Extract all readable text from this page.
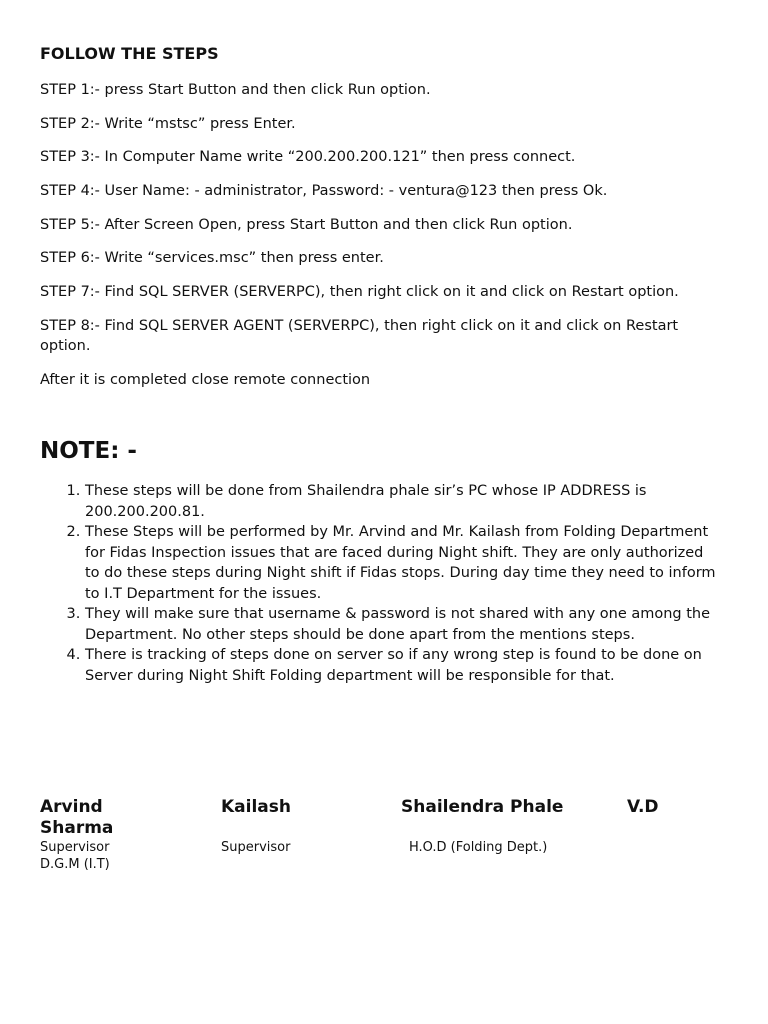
FOLLOW THE STEPS
STEP 1:- press Start Button and then click Run option.
STEP 2:- Write “mstsc” press Enter.
STEP 3:- In Computer Name write “200.200.200.121” then press connect.
STEP 4:- User Name: - administrator, Password: - ventura@123 then press Ok.
STEP 5:- After Screen Open, press Start Button and then click Run option.
STEP 6:- Write “services.msc” then press enter.
STEP 7:- Find SQL SERVER (SERVERPC), then right click on it and click on Restart option.
STEP 8:- Find SQL SERVER AGENT (SERVERPC), then right click on it and click on Restart option.

After it is completed close remote connection

NOTE: -
1. These steps will be done from Shailendra phale sir’s PC whose IP ADDRESS is 200.200.200.81.
2. These Steps will be performed by Mr. Arvind and Mr. Kailash from Folding Department for Fidas Inspection issues that are faced during Night shift. They are only authorized to do these steps during Night shift if Fidas stops. During day time they need to inform to I.T Department for the issues.
3. They will make sure that username & password is not shared with any one among the Department. No other steps should be done apart from the mentions steps.
4. There is tracking of steps done on server so if any wrong step is found to be done on Server during Night Shift Folding department will be responsible for that.
Arvind	Kailash	Shailendra Phale	V.D
Sharma
Supervisor	Supervisor	H.O.D (Folding Dept.)
D.G.M (I.T)
